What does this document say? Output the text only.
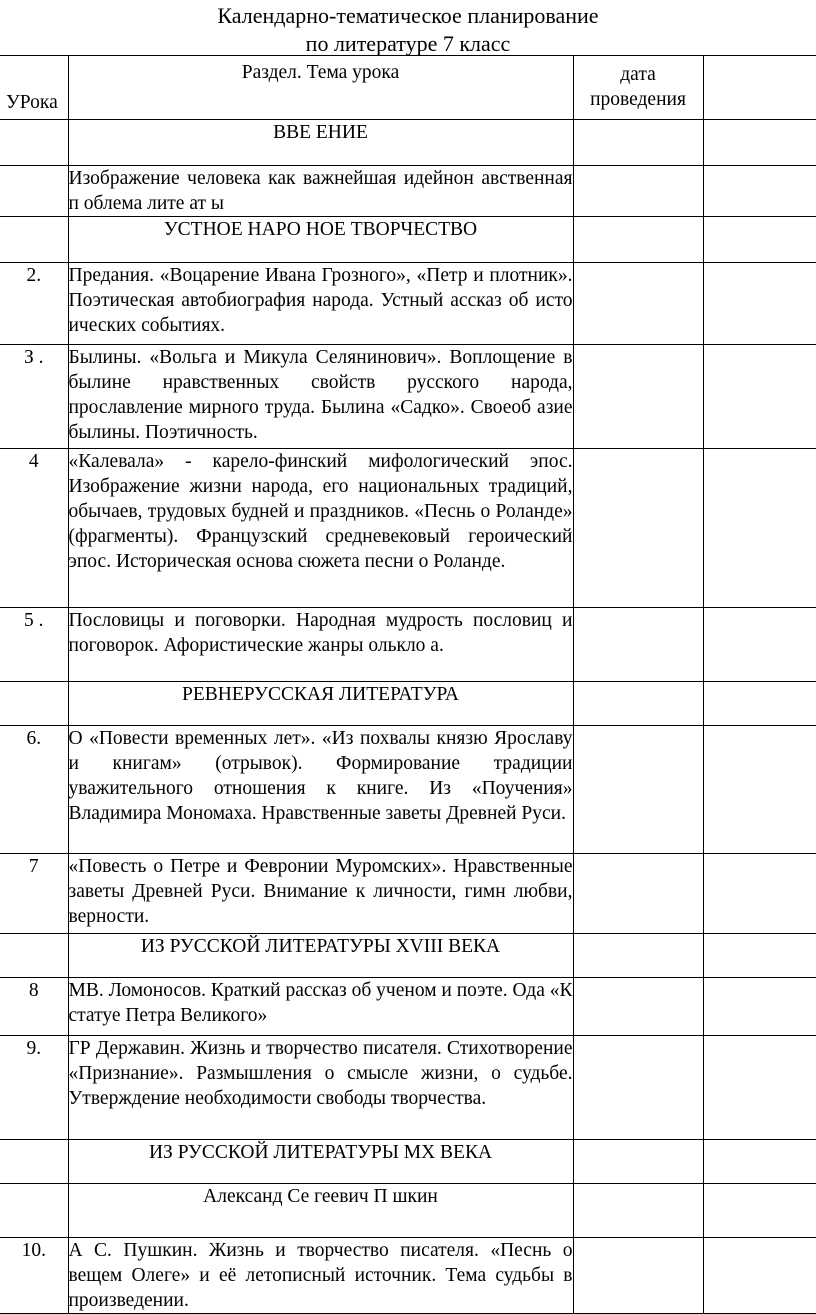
Календарно-тематическое планирование
по литературе 7 класс
УРока	Раздел. Тема урока	дата
проведения	

	ВВЕ ЕНИЕ		
	Изображение человека как важнейшая идейнон авственная п облема лите ат ы		
	УСТНОЕ НАРО НОЕ ТВОРЧЕСТВО		
2.	Предания. «Воцарение Ивана Грозного», «Петр и плотник». Поэтическая автобиография народа. Устный ассказ об исто ических событиях.		
З .	Былины. «Вольга и Микула Селянинович». Воплощение в былине нравственных свойств русского народа, прославление мирного труда. Былина «Садко». Своеоб азие былины. Поэтичность.		
4	«Калевала» - карело-финский мифологический эпос. Изображение жизни народа, его национальных традиций, обычаев, трудовых будней и праздников. «Песнь о Роланде» (фрагменты). Французский средневековый героический эпос. Историческая основа сюжета песни о Роланде.		
5 .	Пословицы и поговорки. Народная мудрость пословиц и поговорок. Афористические жанры олькло а.		
	РЕВНЕРУССКАЯ ЛИТЕРАТУРА		
6.	О «Повести временных лет». «Из похвалы князю Ярославу и книгам» (отрывок). Формирование традиции уважительного отношения к книге. Из «Поучения» Владимира Мономаха. Нравственные заветы Древней Руси.		
7	«Повесть о Петре и Февронии Муромских». Нравственные заветы Древней Руси. Внимание к личности, гимн любви, верности.		
	ИЗ РУССКОЙ ЛИТЕРАТУРЫ XVIII ВЕКА		
8	МВ. Ломоносов. Краткий рассказ об ученом и поэте. Ода «К статуе Петра Великого»		
9.	ГР Державин. Жизнь и творчество писателя. Стихотворение «Признание». Размышления о смысле жизни, о судьбе. Утверждение необходимости свободы творчества.		
	ИЗ РУССКОЙ ЛИТЕРАТУРЫ МХ ВЕКА		
	Александ Се геевич П шкин		
10.	А С. Пушкин. Жизнь и творчество писателя. «Песнь о вещем Олеге» и её летописный источник. Тема судьбы в произведении.		
